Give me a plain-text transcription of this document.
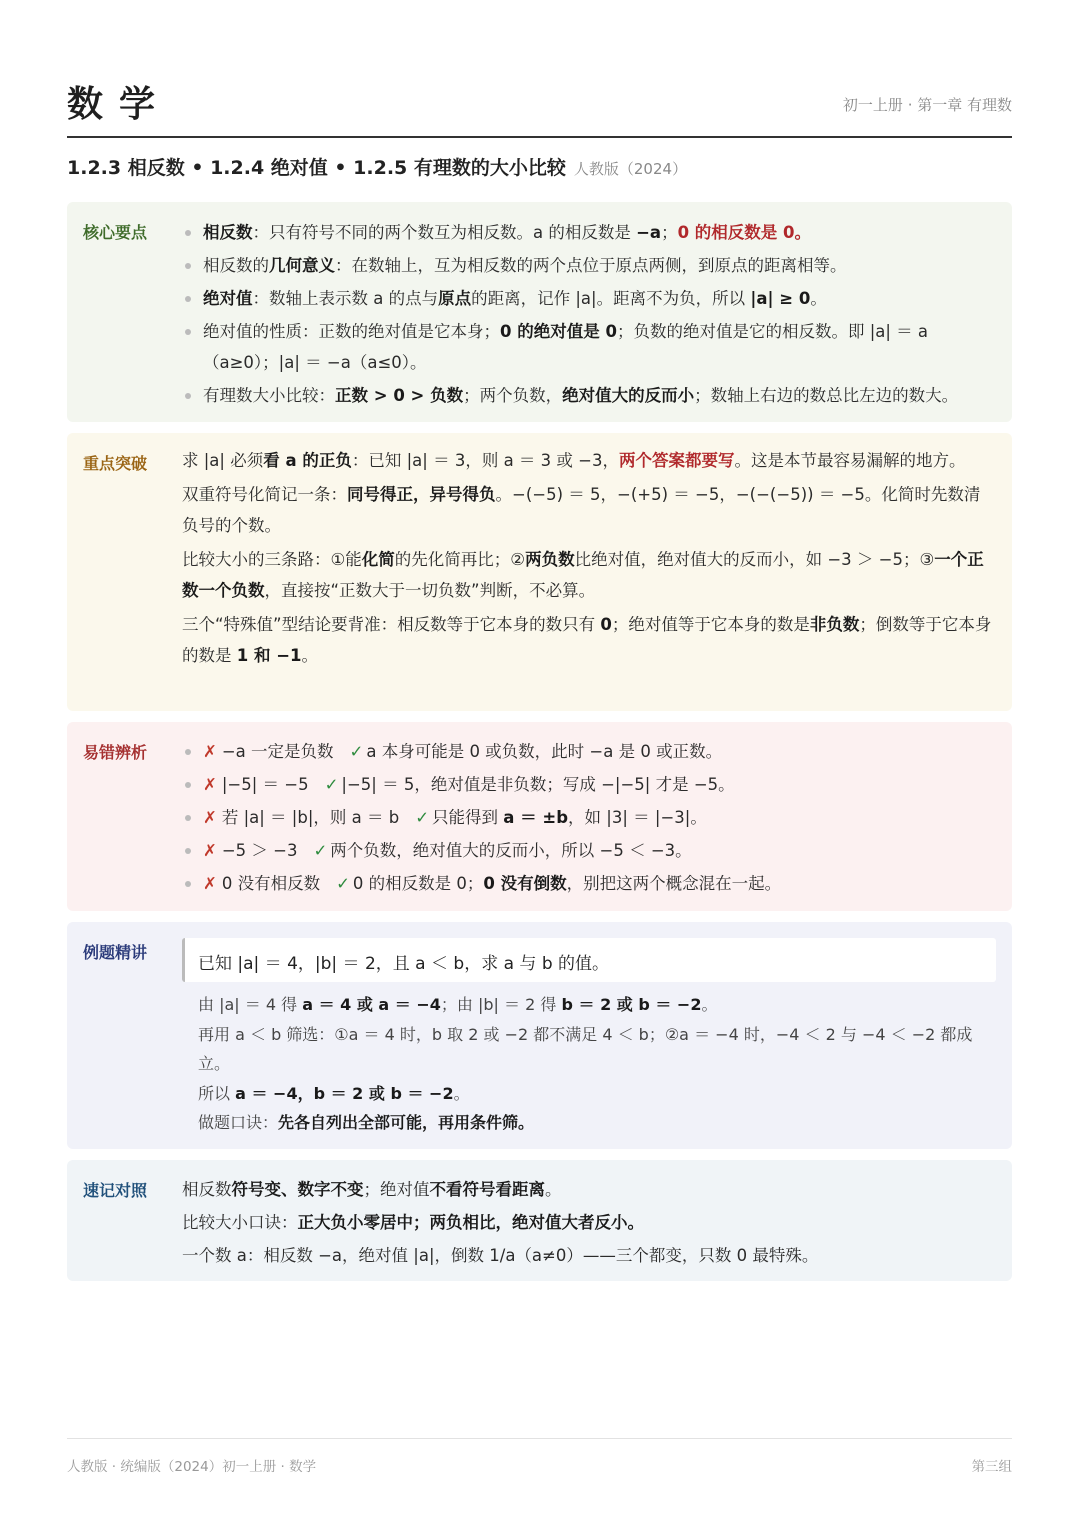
数学	初一上册 · 第一章 有理数
1.2.3 相反数 • 1.2.4 绝对值 • 1.2.5 有理数的大小比较 人教版（2024）
核心要点	相反数：只有符号不同的两个数互为相反数。a 的相反数是 −a；0 的相反数是 0。
相反数的几何意义：在数轴上，互为相反数的两个点位于原点两侧，到原点的距离相等。
绝对值：数轴上表示数 a 的点与原点的距离，记作 |a|。距离不为负，所以 |a| ≥ 0。
绝对值的性质：正数的绝对值是它本身；0 的绝对值是 0；负数的绝对值是它的相反数。即 |a| ＝ a（a≥0）；|a| ＝ −a（a≤0）。
有理数大小比较：正数 > 0 > 负数；两个负数，绝对值大的反而小；数轴上右边的数总比左边的数大。
重点突破 求 |a| 必须看 a 的正负：已知 |a| ＝ 3，则 a ＝ 3 或 −3，两个答案都要写。这是本节最容易漏解的地方。

双重符号化简记一条：同号得正，异号得负。−(−5) ＝ 5，−(+5) ＝ −5，−(−(−5)) ＝ −5。化简时先数清负号的个数。

比较大小的三条路：①能化简的先化简再比；②两负数比绝对值，绝对值大的反而小，如 −3 ＞ −5；③一个正数一个负数，直接按“正数大于一切负数”判断，不必算。

三个“特殊值”型结论要背准：相反数等于它本身的数只有 0；绝对值等于它本身的数是非负数；倒数等于它本身的数是 1 和 −1。

易错辨析	✗ −a 一定是负数 ✓ a 本身可能是 0 或负数，此时 −a 是 0 或正数。
✗ |−5| ＝ −5 ✓ |−5| ＝ 5，绝对值是非负数；写成 −|−5| 才是 −5。
✗ 若 |a| ＝ |b|，则 a ＝ b ✓ 只能得到 a ＝ ±b，如 |3| ＝ |−3|。
✗ −5 ＞ −3 ✓ 两个负数，绝对值大的反而小，所以 −5 ＜ −3。
✗ 0 没有相反数 ✓ 0 的相反数是 0；0 没有倒数，别把这两个概念混在一起。
例题精讲
已知 |a| ＝ 4，|b| ＝ 2，且 a ＜ b，求 a 与 b 的值。

由 |a| ＝ 4 得 a ＝ 4 或 a ＝ −4；由 |b| ＝ 2 得 b ＝ 2 或 b ＝ −2。

再用 a ＜ b 筛选：①a ＝ 4 时，b 取 2 或 −2 都不满足 4 ＜ b；②a ＝ −4 时，−4 ＜ 2 与 −4 ＜ −2 都成立。

所以 a ＝ −4，b ＝ 2 或 b ＝ −2。

做题口诀：先各自列出全部可能，再用条件筛。

速记对照 相反数符号变、数字不变；绝对值不看符号看距离。

比较大小口诀：正大负小零居中；两负相比，绝对值大者反小。

一个数 a：相反数 −a，绝对值 |a|，倒数 1/a（a≠0）——三个都变，只数 0 最特殊。

人教版 · 统编版（2024）初一上册 · 数学	第三组
